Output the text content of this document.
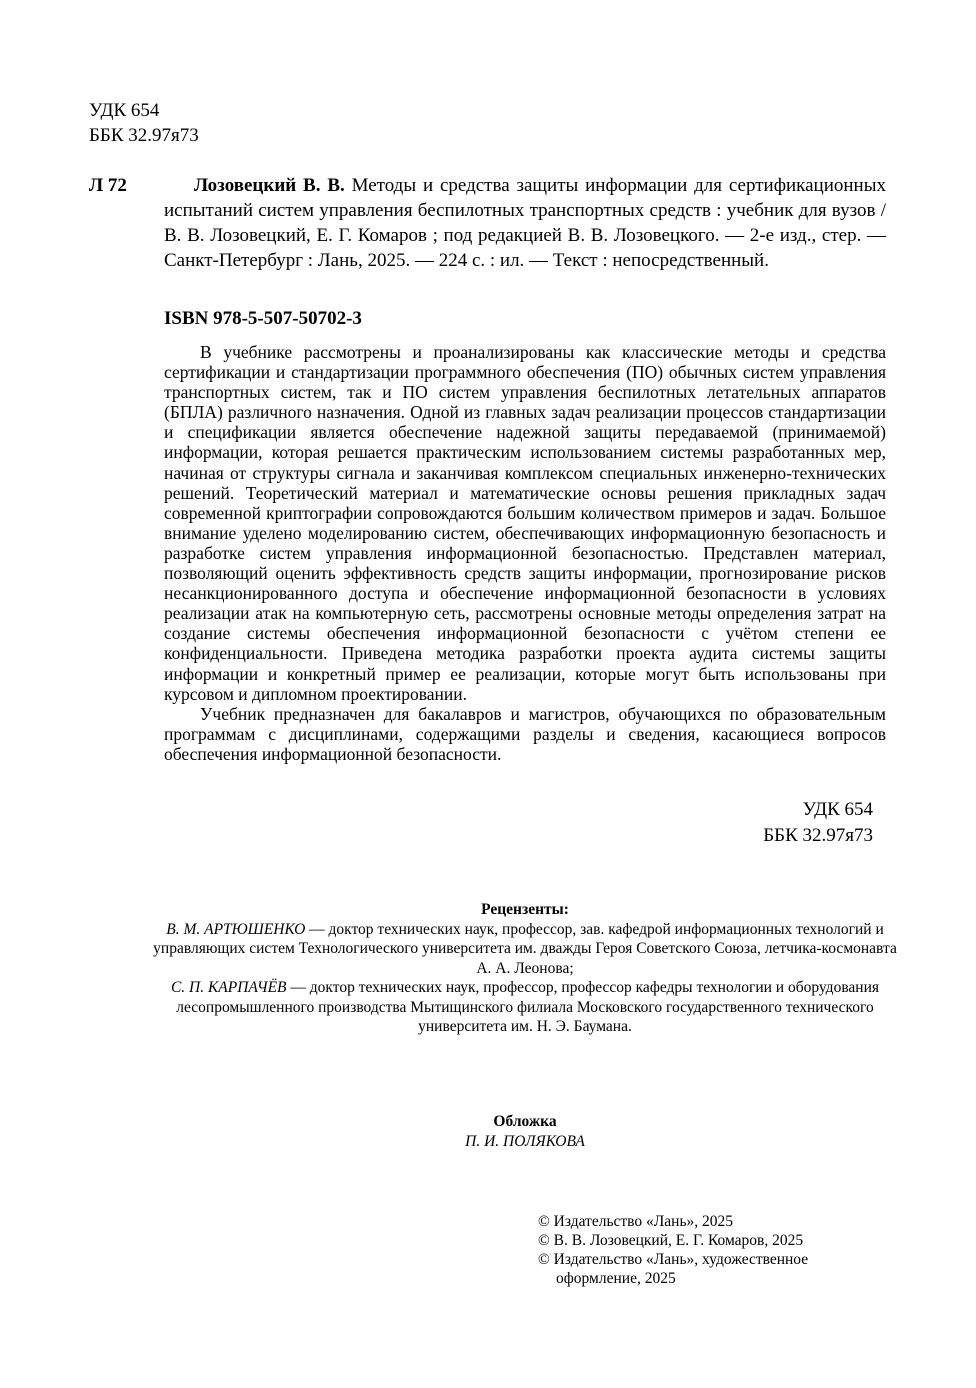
УДК 654
ББК 32.97я73
Л 72	Лозовецкий В. В. Методы и средства защиты информации для сертификационных испытаний систем управления беспилотных транспортных средств : учебник для вузов / В. В. Лозовецкий, Е. Г. Комаров ; под редакцией В. В. Лозовецкого. — 2-е изд., стер. — Санкт-Петербург : Лань, 2025. — 224 с. : ил. — Текст : непосредственный.
ISBN 978-5-507-50702-3

В учебнике рассмотрены и проанализированы как классические методы и средства сертификации и стандартизации программного обеспечения (ПО) обычных систем управления транспортных систем, так и ПО систем управления беспилотных летательных аппаратов (БПЛА) различного назначения. Одной из главных задач реализации процессов стандартизации и спецификации является обеспечение надежной защиты передаваемой (принимаемой) информации, которая решается практическим использованием системы разработанных мер, начиная от структуры сигнала и заканчивая комплексом специальных инженерно-технических решений. Теоретический материал и математические основы решения прикладных задач современной криптографии сопровождаются большим количеством примеров и задач. Большое внимание уделено моделированию систем, обеспечивающих информационную безопасность и разработке систем управления информационной безопасностью. Представлен материал, позволяющий оценить эффективность средств защиты информации, прогнозирование рисков несанкционированного доступа и обеспечение информационной безопасности в условиях реализации атак на компьютерную сеть, рассмотрены основные методы определения затрат на создание системы обеспечения информационной безопасности с учётом степени ее конфиденциальности. Приведена методика разработки проекта аудита системы защиты информации и конкретный пример ее реализации, которые могут быть использованы при курсовом и дипломном проектировании.

Учебник предназначен для бакалавров и магистров, обучающихся по образовательным программам с дисциплинами, содержащими разделы и сведения, касающиеся вопросов обеспечения информационной безопасности.

УДК 654
ББК 32.97я73
Рецензенты:
В. М. АРТЮШЕНКО — доктор технических наук, профессор, зав. кафедрой информационных технологий и управляющих систем Технологического университета им. дважды Героя Советского Союза, летчика-космонавта А. А. Леонова;
С. П. КАРПАЧЁВ — доктор технических наук, профессор, профессор кафедры технологии и оборудования лесопромышленного производства Мытищинского филиала Московского государственного технического университета им. Н. Э. Баумана.
Обложка
П. И. ПОЛЯКОВА
© Издательство «Лань», 2025
© В. В. Лозовецкий, Е. Г. Комаров, 2025
© Издательство «Лань», художественное
оформление, 2025
